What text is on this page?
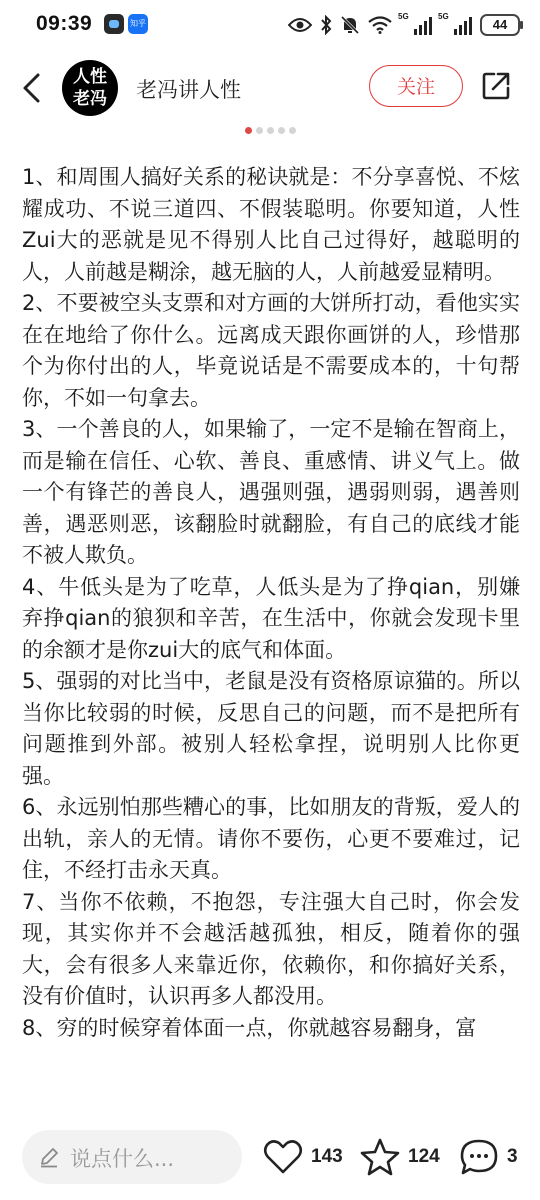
09:39	知乎
5G	5G
44
人性
老冯	老冯讲人性	关注

1、和周围人搞好关系的秘诀就是：不分享喜悦、不炫耀成功、不说三道四、不假装聪明。你要知道，人性Zui大的恶就是见不得别人比自己过得好，越聪明的人，人前越是糊涂，越无脑的人，人前越爱显精明。

2、不要被空头支票和对方画的大饼所打动，看他实实在在地给了你什么。远离成天跟你画饼的人，珍惜那个为你付出的人，毕竟说话是不需要成本的，十句帮你，不如一句拿去。

3、一个善良的人，如果输了，一定不是输在智商上，而是输在信任、心软、善良、重感情、讲义气上。做一个有锋芒的善良人，遇强则强，遇弱则弱，遇善则善，遇恶则恶，该翻脸时就翻脸，有自己的底线才能不被人欺负。

4、牛低头是为了吃草，人低头是为了挣qian，别嫌弃挣qian的狼狈和辛苦，在生活中，你就会发现卡里的余额才是你zui大的底气和体面。

5、强弱的对比当中，老鼠是没有资格原谅猫的。所以当你比较弱的时候，反思自己的问题，而不是把所有问题推到外部。被别人轻松拿捏，说明别人比你更强。

6、永远别怕那些糟心的事，比如朋友的背叛，爱人的出轨，亲人的无情。请你不要伤，心更不要难过，记住，不经打击永天真。

7、当你不依赖，不抱怨，专注强大自己时，你会发现，其实你并不会越活越孤独，相反，随着你的强大，会有很多人来靠近你，依赖你，和你搞好关系，没有价值时，认识再多人都没用。

8、穷的时候穿着体面一点，你就越容易翻身，富

说点什么...	143	124	3
